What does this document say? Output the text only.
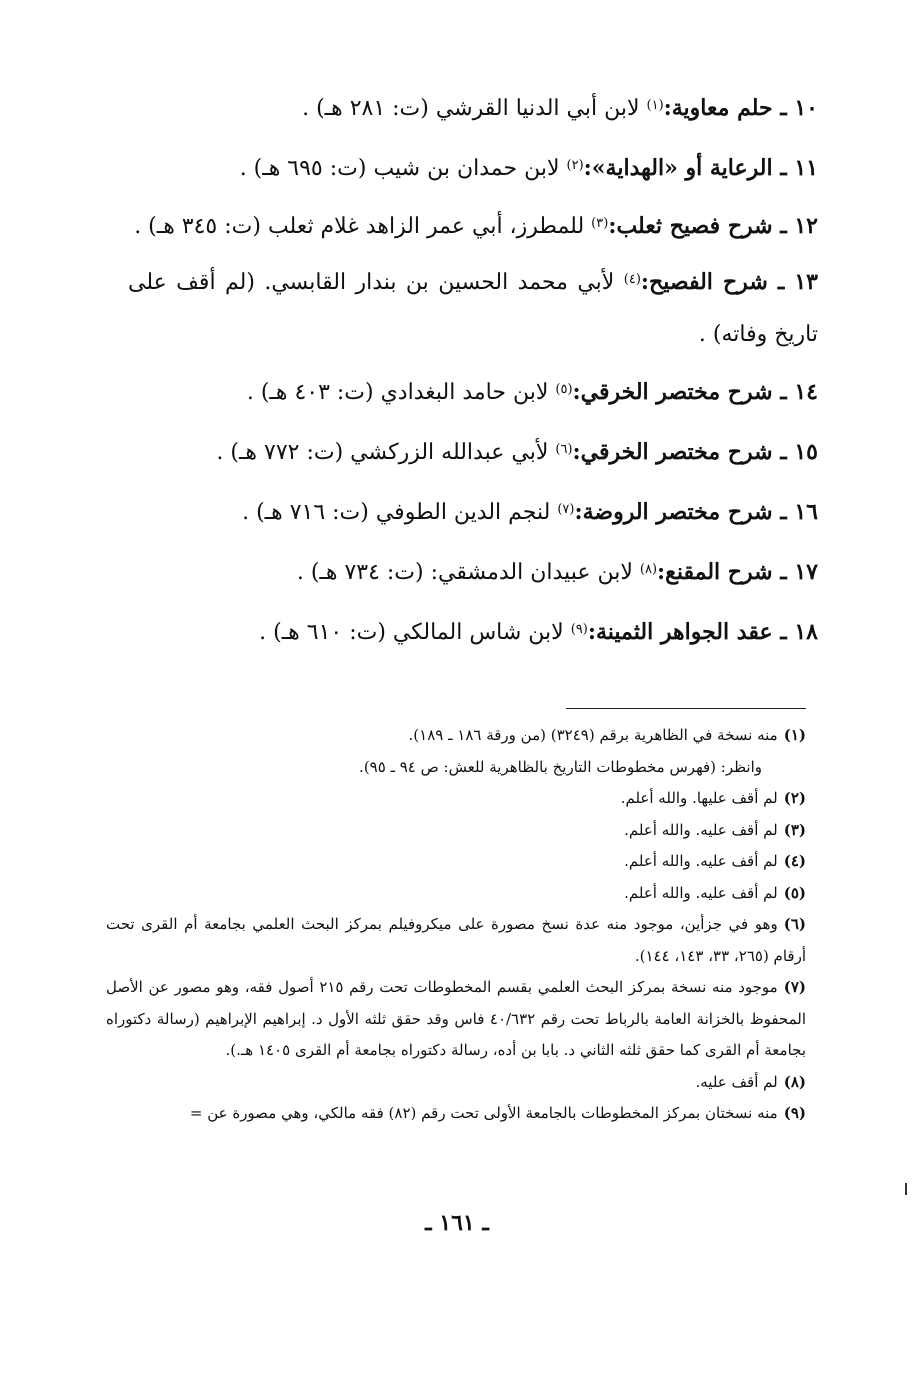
١٠ ـ حلم معاوية:$^{(١)}$ لابن أبي الدنيا القرشي (ت: ٢٨١ هـ) .
١١ ـ الرعاية أو «الهداية»:$^{(٢)}$ لابن حمدان بن شيب (ت: ٦٩٥ هـ) .
١٢ ـ شرح فصيح ثعلب:$^{(٣)}$ للمطرز، أبي عمر الزاهد غلام ثعلب (ت: ٣٤٥ هـ) .
١٣ ـ شرح الفصيح:$^{(٤)}$ لأبي محمد الحسين بن بندار القابسي. (لم أقف على تاريخ وفاته) .
١٤ ـ شرح مختصر الخرقي:$^{(٥)}$ لابن حامد البغدادي (ت: ٤٠٣ هـ) .
١٥ ـ شرح مختصر الخرقي:$^{(٦)}$ لأبي عبدالله الزركشي (ت: ٧٧٢ هـ) .
١٦ ـ شرح مختصر الروضة:$^{(٧)}$ لنجم الدين الطوفي (ت: ٧١٦ هـ) .
١٧ ـ شرح المقنع:$^{(٨)}$ لابن عبيدان الدمشقي: (ت: ٧٣٤ هـ) .
١٨ ـ عقد الجواهر الثمينة:$^{(٩)}$ لابن شاس المالكي (ت: ٦١٠ هـ) .
(١)منه نسخة في الظاهرية برقم (٣٢٤٩) (من ورقة ١٨٦ ـ ١٨٩).
وانظر: (فهرس مخطوطات التاريخ بالظاهرية للعش: ص ٩٤ ـ ٩٥).
(٢)لم أقف عليها. والله أعلم.
(٣)لم أقف عليه. والله أعلم.
(٤)لم أقف عليه. والله أعلم.
(٥)لم أقف عليه. والله أعلم.
(٦)وهو في جزأين، موجود منه عدة نسخ مصورة على ميكروفيلم بمركز البحث العلمي بجامعة أم القرى تحت أرقام (٢٦٥، ٣٣، ١٤٣، ١٤٤).
(٧)موجود منه نسخة بمركز البحث العلمي بقسم المخطوطات تحت رقم ٢١٥ أصول فقه، وهو مصور عن الأصل المحفوظ بالخزانة العامة بالرباط تحت رقم ٤٠/٦٣٢ فاس وقد حقق ثلثه الأول د. إبراهيم الإبراهيم (رسالة دكتوراه بجامعة أم القرى كما حقق ثلثه الثاني د. بابا بن أده، رسالة دكتوراه بجامعة أم القرى ١٤٠٥ هـ.).
(٨)لم أقف عليه.
(٩)منه نسختان بمركز المخطوطات بالجامعة الأولى تحت رقم (٨٢) فقه مالكي، وهي مصورة عن =
ـ ١٦١ ـ
